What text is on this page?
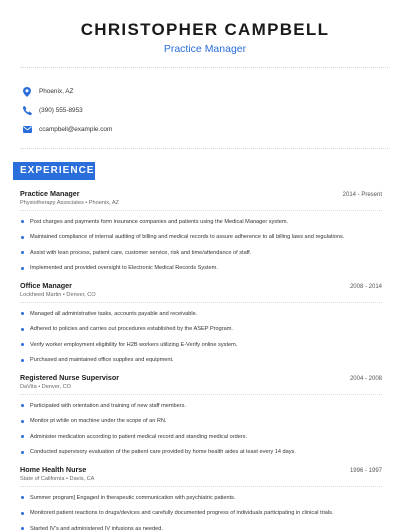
CHRISTOPHER CAMPBELL
Practice Manager
Phoenix, AZ
(390) 555-8953
ccampbell@example.com
EXPERIENCE
Practice Manager	2014 - Present
Physiotherapy Associates • Phoenix, AZ
Post charges and payments form insurance companies and patients using the Medical Manager system.
Maintained compliance of internal auditing of billing and medical records to assure adherence to all billing laws and regulations.
Assist with lean process, patient care, customer service, risk and time/attendance of staff.
Implemented and provided oversight to Electronic Medical Records System.
Office Manager	2008 - 2014
Lockheed Martin • Denver, CO
Managed all administrative tasks, accounts payable and receivable.
Adhered to policies and carries out procedures established by the ASEP Program.
Verify worker employment eligibility for H2B workers utilizing E-Verify online system.
Purchased and maintained office supplies and equipment.
Registered Nurse Supervisor	2004 - 2008
DaVita • Denver, CO
Participated with orientation and training of new staff members.
Monitor pt while on machine under the scope of an RN.
Administer medication according to patient medical record and standing medical orders.
Conducted supervisory evaluation of the patient care provided by home health aides at least every 14 days.
Home Health Nurse	1996 - 1997
State of California • Davis, CA
Summer program] Engaged in therapeutic communication with psychiatric patients.
Monitored patient reactions to drugs/devices and carefully documented progress of individuals participating in clinical trials.
Started IV's and administered IV infusions as needed.
